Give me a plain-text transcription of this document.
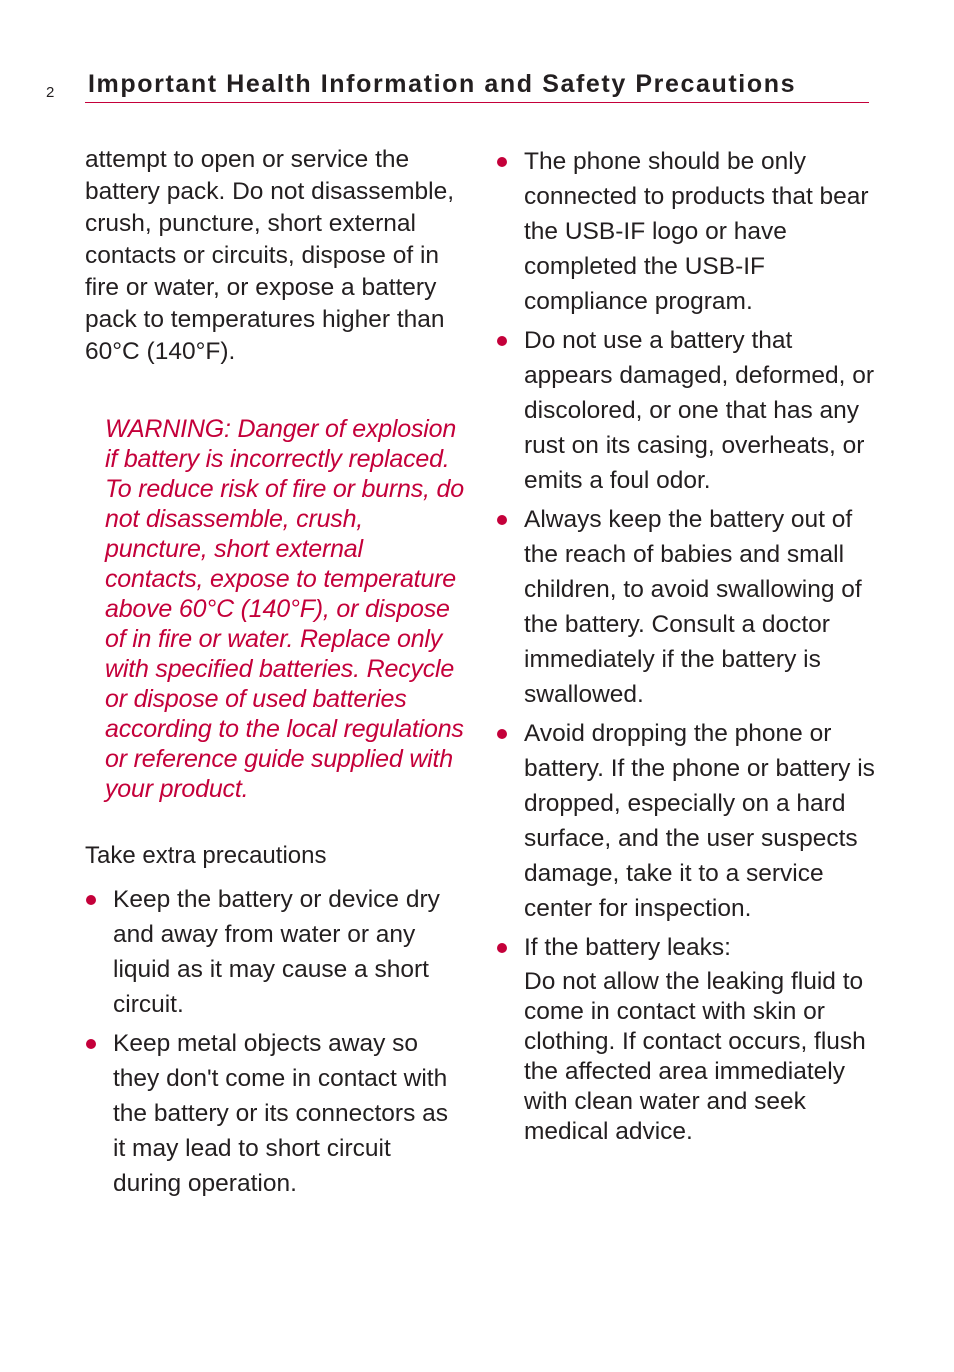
2 Important Health Information and Safety Precautions

attempt to open or service the battery pack. Do not disassemble, crush, puncture, short external contacts or circuits, dispose of in fire or water, or expose a battery pack to temperatures higher than 60°C (140°F).

WARNING: Danger of explosion if battery is incorrectly replaced. To reduce risk of fire or burns, do not disassemble, crush, puncture, short external contacts, expose to temperature above 60°C (140°F), or dispose of in fire or water. Replace only with specified batteries. Recycle or dispose of used batteries according to the local regulations or reference guide supplied with your product.

Take extra precautions

Keep the battery or device dry and away from water or any liquid as it may cause a short circuit.
Keep metal objects away so they don't come in contact with the battery or its connectors as it may lead to short circuit during operation.
The phone should be only connected to products that bear the USB-IF logo or have completed the USB-IF compliance program.
Do not use a battery that appears damaged, deformed, or discolored, or one that has any rust on its casing, overheats, or emits a foul odor.
Always keep the battery out of the reach of babies and small children, to avoid swallowing of the battery. Consult a doctor immediately if the battery is swallowed.
Avoid dropping the phone or battery. If the phone or battery is dropped, especially on a hard surface, and the user suspects damage, take it to a service center for inspection.
If the battery leaks:
Do not allow the leaking fluid to come in contact with skin or clothing. If contact occurs, flush the affected area immediately with clean water and seek medical advice.
